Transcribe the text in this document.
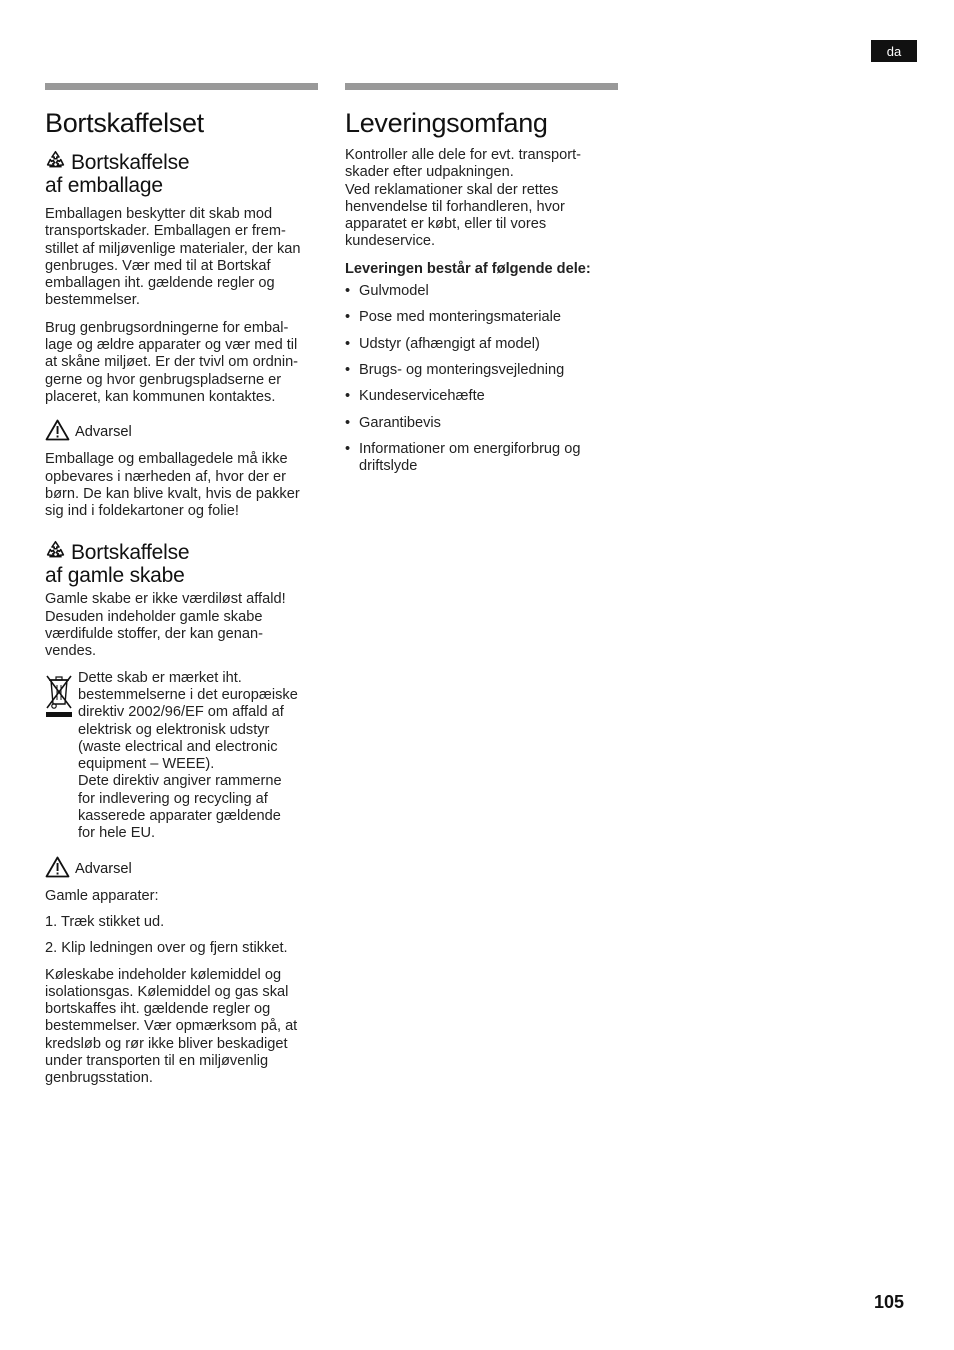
da
Bortskaffelset
Bortskaffelse
af emballage

Emballagen beskytter dit skab mod
transportskader. Emballagen er frem-
stillet af miljøvenlige materialer, der kan
genbruges. Vær med til at Bortskaf
emballagen iht. gældende regler og
bestemmelser.

Brug genbrugsordningerne for embal-
lage og ældre apparater og vær med til
at skåne miljøet. Er der tvivl om ordnin-
gerne og hvor genbrugspladserne er
placeret, kan kommunen kontaktes.

Advarsel

Emballage og emballagedele må ikke
opbevares i nærheden af, hvor der er
børn. De kan blive kvalt, hvis de pakker
sig ind i foldekartoner og folie!

Bortskaffelse
af gamle skabe

Gamle skabe er ikke værdiløst affald!
Desuden indeholder gamle skabe
værdifulde stoffer, der kan genan-
vendes.

Dette skab er mærket iht.
bestemmelserne i det europæiske
direktiv 2002/96/EF om affald af
elektrisk og elektronisk udstyr
(waste electrical and electronic
equipment – WEEE).
Dete direktiv angiver rammerne
for indlevering og recycling af
kasserede apparater gældende
for hele EU.

Advarsel

Gamle apparater:

1. Træk stikket ud.
2. Klip ledningen over og fjern stikket.

Køleskabe indeholder kølemiddel og
isolationsgas. Kølemiddel og gas skal
bortskaffes iht. gældende regler og
bestemmelser. Vær opmærksom på, at
kredsløb og rør ikke bliver beskadiget
under transporten til en miljøvenlig
genbrugsstation.

Leveringsomfang

Kontroller alle dele for evt. transport-
skader efter udpakningen.
Ved reklamationer skal der rettes
henvendelse til forhandleren, hvor
apparatet er købt, eller til vores
kundeservice.

Leveringen består af følgende dele:

• Gulvmodel
• Pose med monteringsmateriale
• Udstyr (afhængigt af model)
• Brugs- og monteringsvejledning
• Kundeservicehæfte
• Garantibevis
• Informationer om energiforbrug og driftslyde
105
